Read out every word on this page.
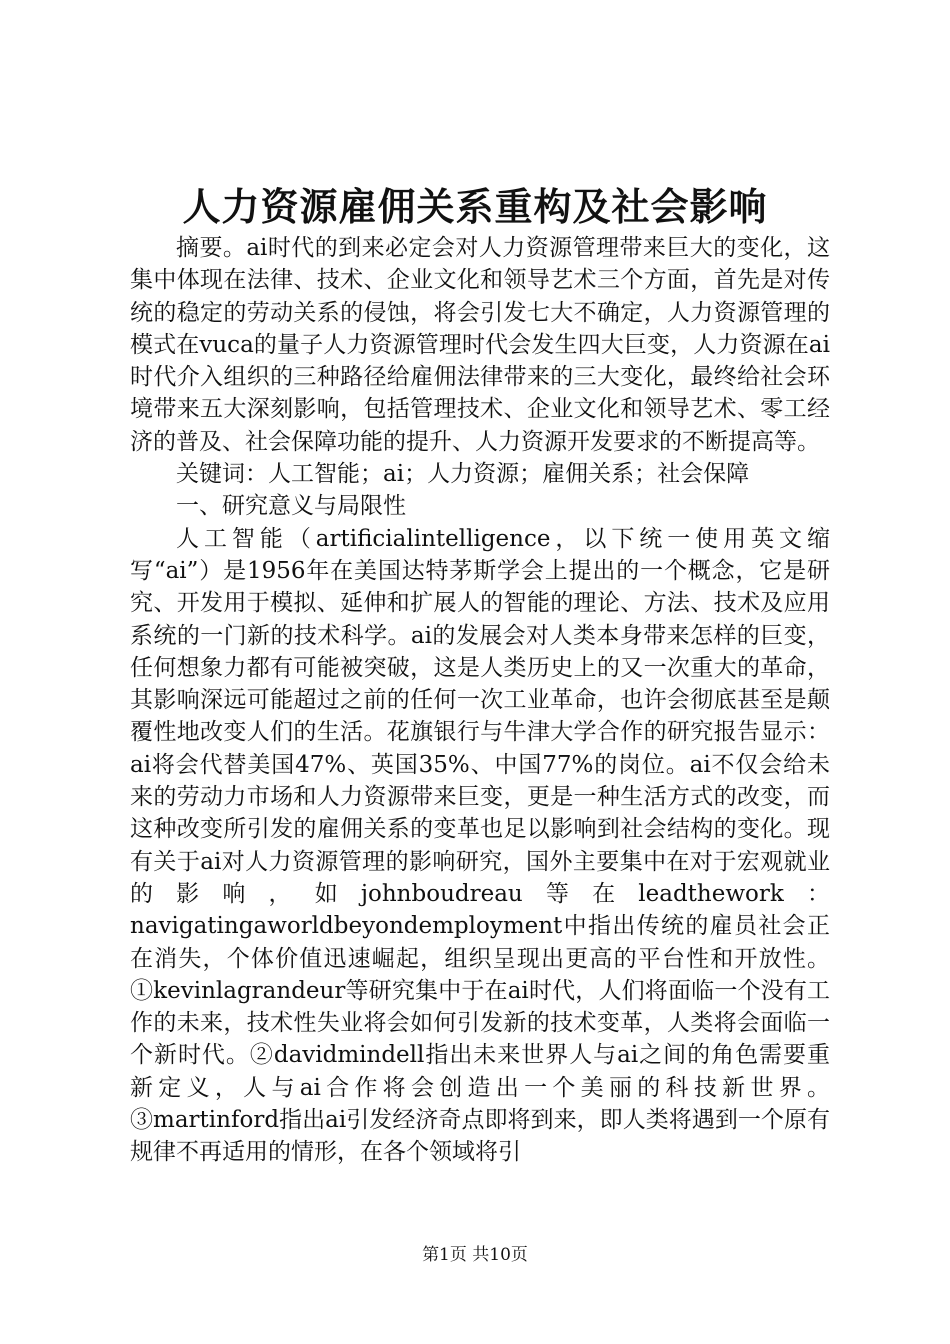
人力资源雇佣关系重构及社会影响

摘要。ai时代的到来必定会对人力资源管理带来巨大的变化，这集中体现在法律、技术、企业文化和领导艺术三个方面，首先是对传统的稳定的劳动关系的侵蚀，将会引发七大不确定，人力资源管理的模式在vuca的量子人力资源管理时代会发生四大巨变，人力资源在ai时代介入组织的三种路径给雇佣法律带来的三大变化，最终给社会环境带来五大深刻影响，包括管理技术、企业文化和领导艺术、零工经济的普及、社会保障功能的提升、人力资源开发要求的不断提高等。

关键词：人工智能；ai；人力资源；雇佣关系；社会保障

一、研究意义与局限性

人工智能（artificialintelligence，以下统一使用英文缩写“ai”）是1956年在美国达特茅斯学会上提出的一个概念，它是研究、开发用于模拟、延伸和扩展人的智能的理论、方法、技术及应用系统的一门新的技术科学。ai的发展会对人类本身带来怎样的巨变，任何想象力都有可能被突破，这是人类历史上的又一次重大的革命，其影响深远可能超过之前的任何一次工业革命，也许会彻底甚至是颠覆性地改变人们的生活。花旗银行与牛津大学合作的研究报告显示：ai将会代替美国47%、英国35%、中国77%的岗位。ai不仅会给未来的劳动力市场和人力资源带来巨变，更是一种生活方式的改变，而这种改变所引发的雇佣关系的变革也足以影响到社会结构的变化。现有关于ai对人力资源管理的影响研究，国外主要集中在对于宏观就业的影响，如johnboudreau等在leadthework：navigatingaworldbeyondemployment中指出传统的雇员社会正在消失，个体价值迅速崛起，组织呈现出更高的平台性和开放性。①kevinlagrandeur等研究集中于在ai时代，人们将面临一个没有工作的未来，技术性失业将会如何引发新的技术变革，人类将会面临一个新时代。②davidmindell指出未来世界人与ai之间的角色需要重新定义，人与ai合作将会创造出一个美丽的科技新世界。③martinford指出ai引发经济奇点即将到来，即人类将遇到一个原有规律不再适用的情形，在各个领域将引

第1页 共10页
